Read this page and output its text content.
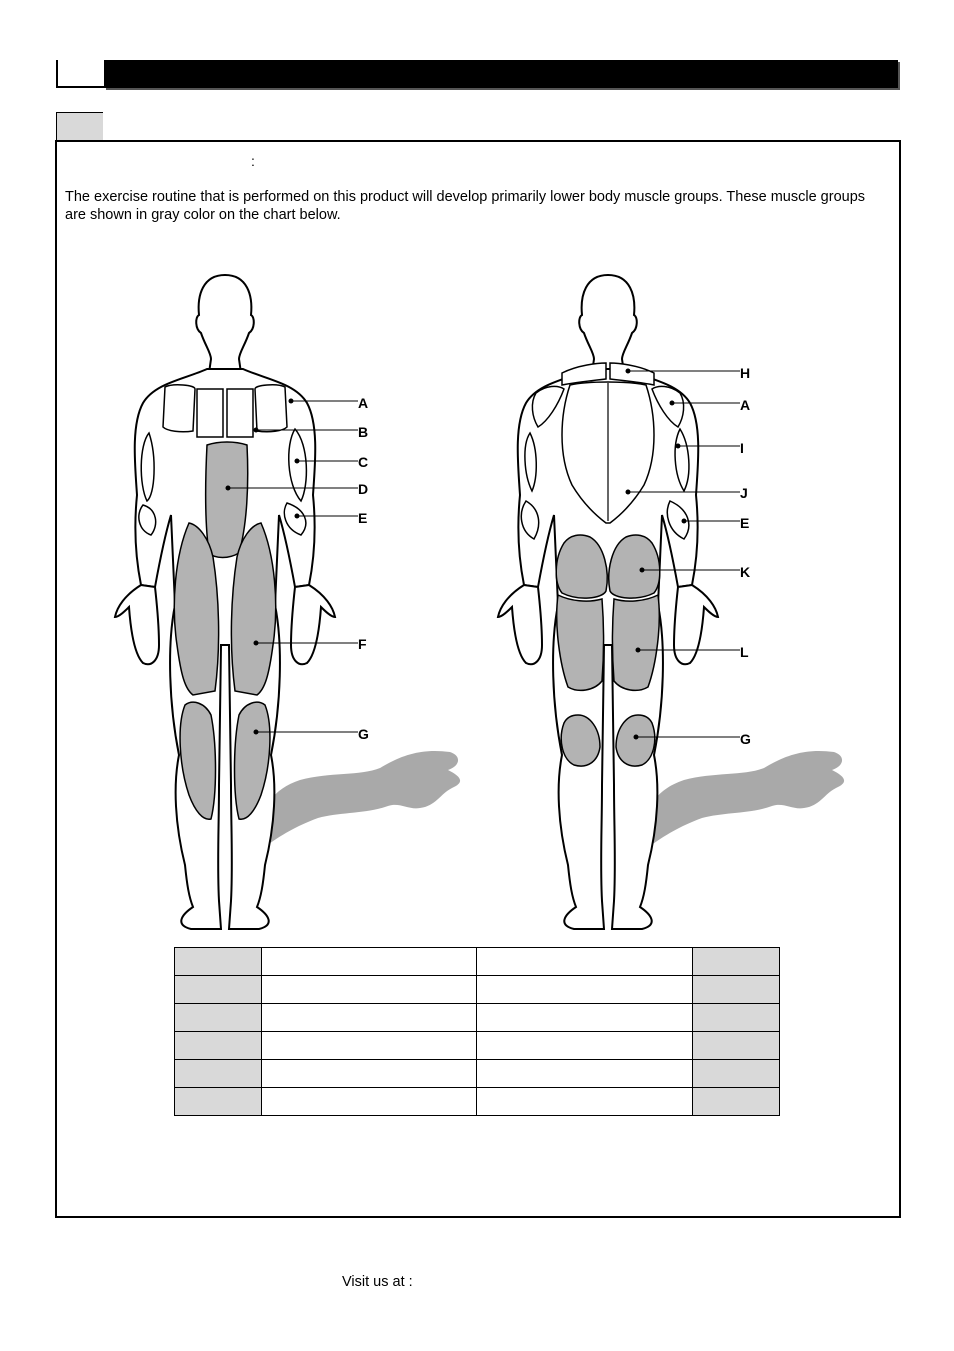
:
The exercise routine that is performed on this product will develop primarily lower body muscle groups. These muscle groups are shown in gray color on the chart below.
A
B
C
D
E
F
G
H
A
I
J
E
K
L
G

Visit us at :
